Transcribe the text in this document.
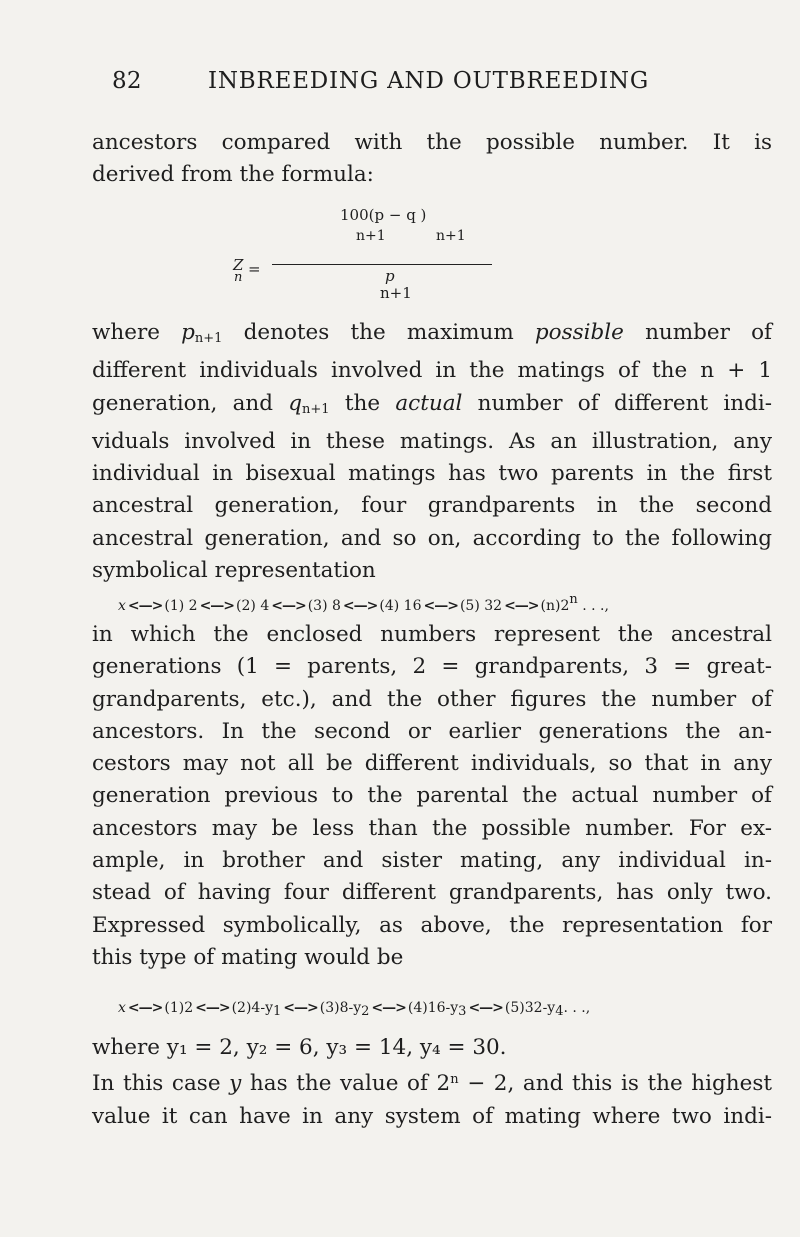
82	INBREEDING AND OUTBREEDING
ancestors compared with the possible number. It is
derived from the formula:
100(p − q )
n+1	n+1
Z =
n	p
n+1
where $p_{n+1}$ denotes the maximum possible number of
different individuals involved in the matings of the n + 1
generation, and $q_{n+1}$ the actual number of different indi-
viduals involved in these matings. As an illustration, any
individual in bisexual matings has two parents in the first
ancestral generation, four grandparents in the second
ancestral generation, and so on, according to the following
symbolical representation
x <—> (1) 2 <—> (2) 4 <—> (3) 8 <—> (4) 16 <—> (5) 32 <—> (n)2n . . .,
in which the enclosed numbers represent the ancestral
generations (1 = parents, 2 = grandparents, 3 = great-
grandparents, etc.), and the other figures the number of
ancestors. In the second or earlier generations the an-
cestors may not all be different individuals, so that in any
generation previous to the parental the actual number of
ancestors may be less than the possible number. For ex-
ample, in brother and sister mating, any individual in-
stead of having four different grandparents, has only two.
Expressed symbolically, as above, the representation for
this type of mating would be
x <—> (1)2 <—> (2)4-y1 <—> (3)8-y2 <—> (4)16-y3 <—> (5)32-y4. . .,
where y₁ = 2, y₂ = 6, y₃ = 14, y₄ = 30.
In this case y has the value of $2^n - 2$, and this is the highest
value it can have in any system of mating where two indi-
